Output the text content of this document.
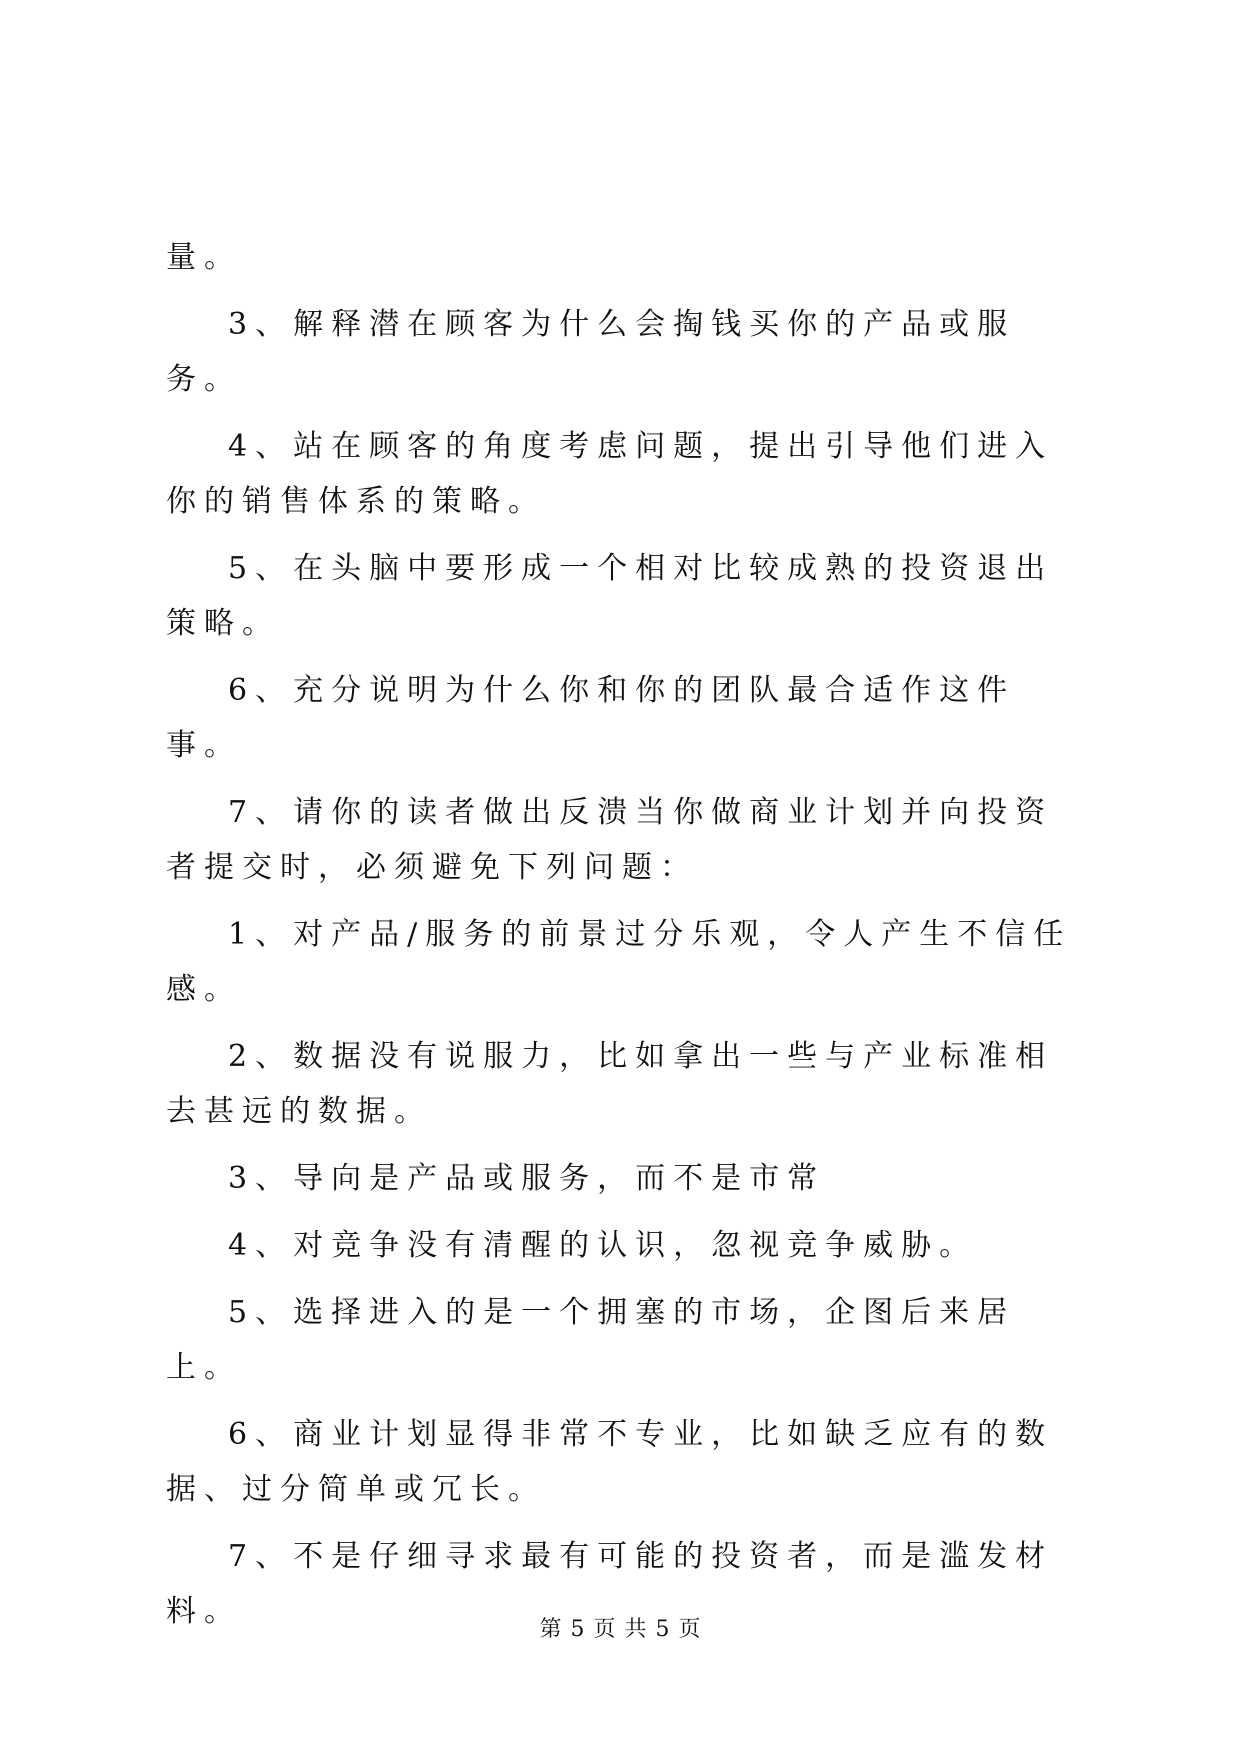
量。

3、解释潜在顾客为什么会掏钱买你的产品或服务。

4、站在顾客的角度考虑问题，提出引导他们进入你的销售体系的策略。

5、在头脑中要形成一个相对比较成熟的投资退出策略。

6、充分说明为什么你和你的团队最合适作这件事。

7、请你的读者做出反溃当你做商业计划并向投资者提交时，必须避免下列问题：

1、对产品/服务的前景过分乐观，令人产生不信任感。

2、数据没有说服力，比如拿出一些与产业标准相去甚远的数据。

3、导向是产品或服务，而不是市常

4、对竞争没有清醒的认识，忽视竞争威胁。

5、选择进入的是一个拥塞的市场，企图后来居上。

6、商业计划显得非常不专业，比如缺乏应有的数据、过分简单或冗长。

7、不是仔细寻求最有可能的投资者，而是滥发材料。

第 5 页 共 5 页
